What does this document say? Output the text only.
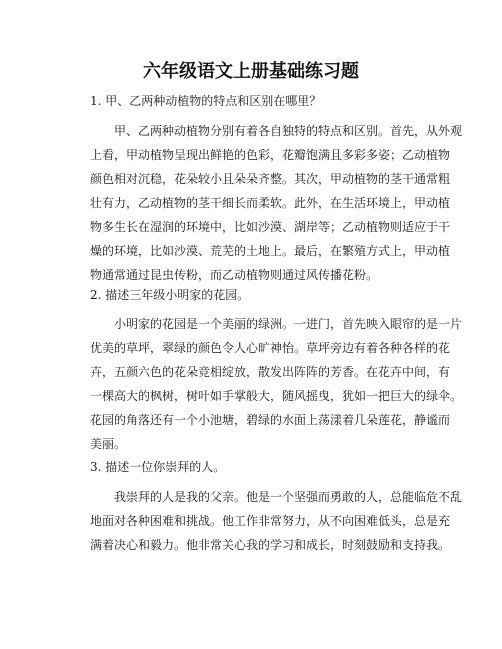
六年级语文上册基础练习题

1. 甲、乙两种动植物的特点和区别在哪里？

甲、乙两种动植物分别有着各自独特的特点和区别。首先，从外观
上看，甲动植物呈现出鲜艳的色彩，花瓣饱满且多彩多姿；乙动植物
颜色相对沉稳，花朵较小且朵朵齐整。其次，甲动植物的茎干通常粗
壮有力，乙动植物的茎干细长而柔软。此外，在生活环境上，甲动植
物多生长在湿润的环境中，比如沙漠、湖岸等；乙动植物则适应于干
燥的环境，比如沙漠、荒芜的土地上。最后，在繁殖方式上，甲动植
物通常通过昆虫传粉，而乙动植物则通过风传播花粉。

2. 描述三年级小明家的花园。

小明家的花园是一个美丽的绿洲。一进门，首先映入眼帘的是一片
优美的草坪，翠绿的颜色令人心旷神怡。草坪旁边有着各种各样的花
卉，五颜六色的花朵竞相绽放，散发出阵阵的芳香。在花卉中间，有
一棵高大的枫树，树叶如手掌般大，随风摇曳，犹如一把巨大的绿伞。
花园的角落还有一个小池塘，碧绿的水面上荡漾着几朵莲花，静谧而
美丽。

3. 描述一位你崇拜的人。

我崇拜的人是我的父亲。他是一个坚强而勇敢的人，总能临危不乱
地面对各种困难和挑战。他工作非常努力，从不向困难低头，总是充
满着决心和毅力。他非常关心我的学习和成长，时刻鼓励和支持我。
